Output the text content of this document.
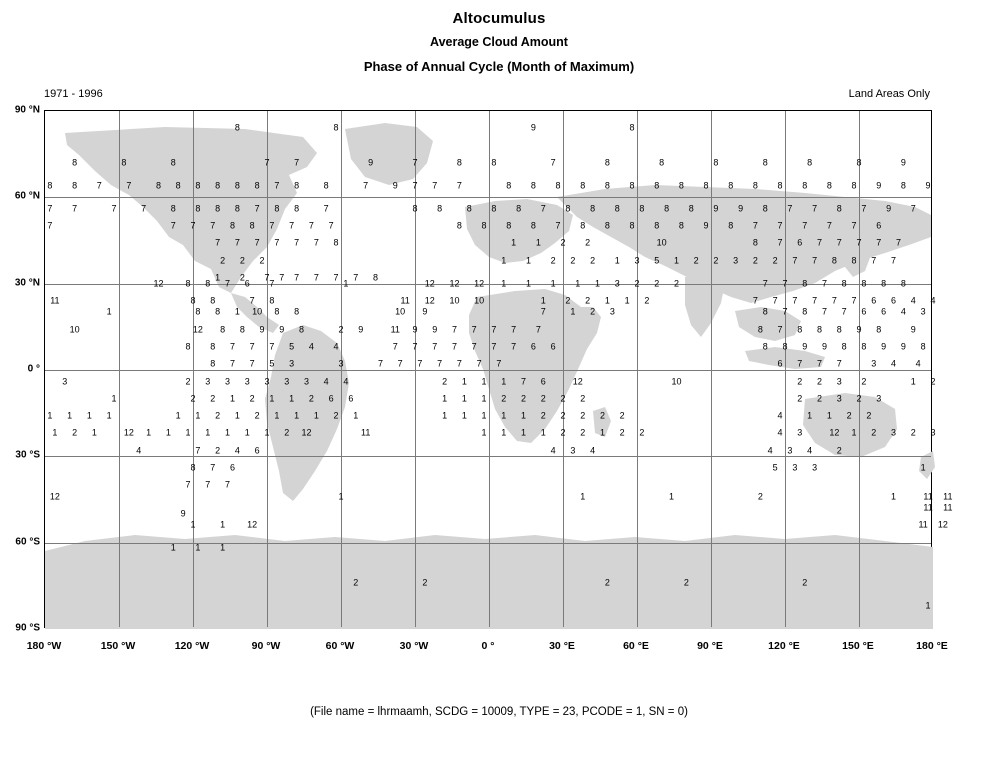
Altocumulus
Average Cloud Amount
Phase of Annual Cycle (Month of Maximum)
1971 - 1996	Land Areas Only
8	8	9	8
8	8	8	7	7	9	7	8	8	7	8	8	8	8	8	8	9
8 8 7	7	8 8 8 8 8 8 7 8	8	7	9 7 7 7	8 8 8 8 8 8 8 8 8 8 8 8 8 8 8 9 8 9
7 7	7	7	8 8 8 8 7 8 8	7	8 8	8 8 8 7 8 8 8 8 8 8 9 9 8 7 7 8 7 9 7
7	7 7 7 8 8 7 7 7 7	8 8 8 8 7 8 8 8 8 8 9 8 7 7 7 7 7 6
7 7 7 7 7 7 8	1 1 2 2	10	8 7 6 7 7 7 7 7
2 2 2	1 1 2 2 2 1 3 5 1 2 2 3 2 2 7 7 8 8 7 7
1 2 7 7 7 7 7 7 8
12 8 8 7 6 7	1	12 12 12 1 1 1 1 1 3 2 2 2	7 7 8 7 8 8 8 8
11	8 8	7 8	11 12 10 10	1 2 2 1 1 2	7 7 7 7 7 7 6 6 4 4
1	8 8 1 10 8 8	10 9	7	1 2 3	8 7 8 7 7 6 6 4 3
10	12 8 8 9 9 8	2 9	11 9 9 7 7 7 7 7	8 7 8 8 8 9 8	9
8 8 7 7 7 5 4 4	7 7 7 7 7 7 7 6 6	8 8 9 9 8 8 9 9 8
8 7 7 5 3	3	7 7 7 7 7 7 7	6 7 7 7	3 4 4
3	2 3 3 3 3 3 3 4 4	2 1 1 1 7 6	12	10	2 2 3 2	1 2
1	2 2 1 2 1 1 2 6 6	1 1 1 2 2 2 2 2	2 2 3 2 3
1 1 1 1	1 1 2 1 2 1 1 1 2 1	1 1 1 1 1 2 2 2 2 2	4	1 1 2 2
1 2 1	12 1 1 1 1 1 1 1 2 12	11	1 1 1 1 2 2 1 2 2	4 3	12 1 2 3 2 3
4	7 2 4 6	4 3 4	4 3 4	2
8 7 6	5 3 3	1
7 7 7
12	1	1	1	2	1	11 11
11 11
9
1	1 12	11 12
1 1 1
2	2	2	2	2
1
90 °N
60 °N
30 °N
0 °
30 °S
60 °S
90 °S
180 °W	150 °W	120 °W	90 °W	60 °W	30 °W	0 °	30 °E	60 °E	90 °E	120 °E	150 °E	180 °E
(File name = lhrmaamh, SCDG = 10009, TYPE = 23, PCODE = 1, SN = 0)
